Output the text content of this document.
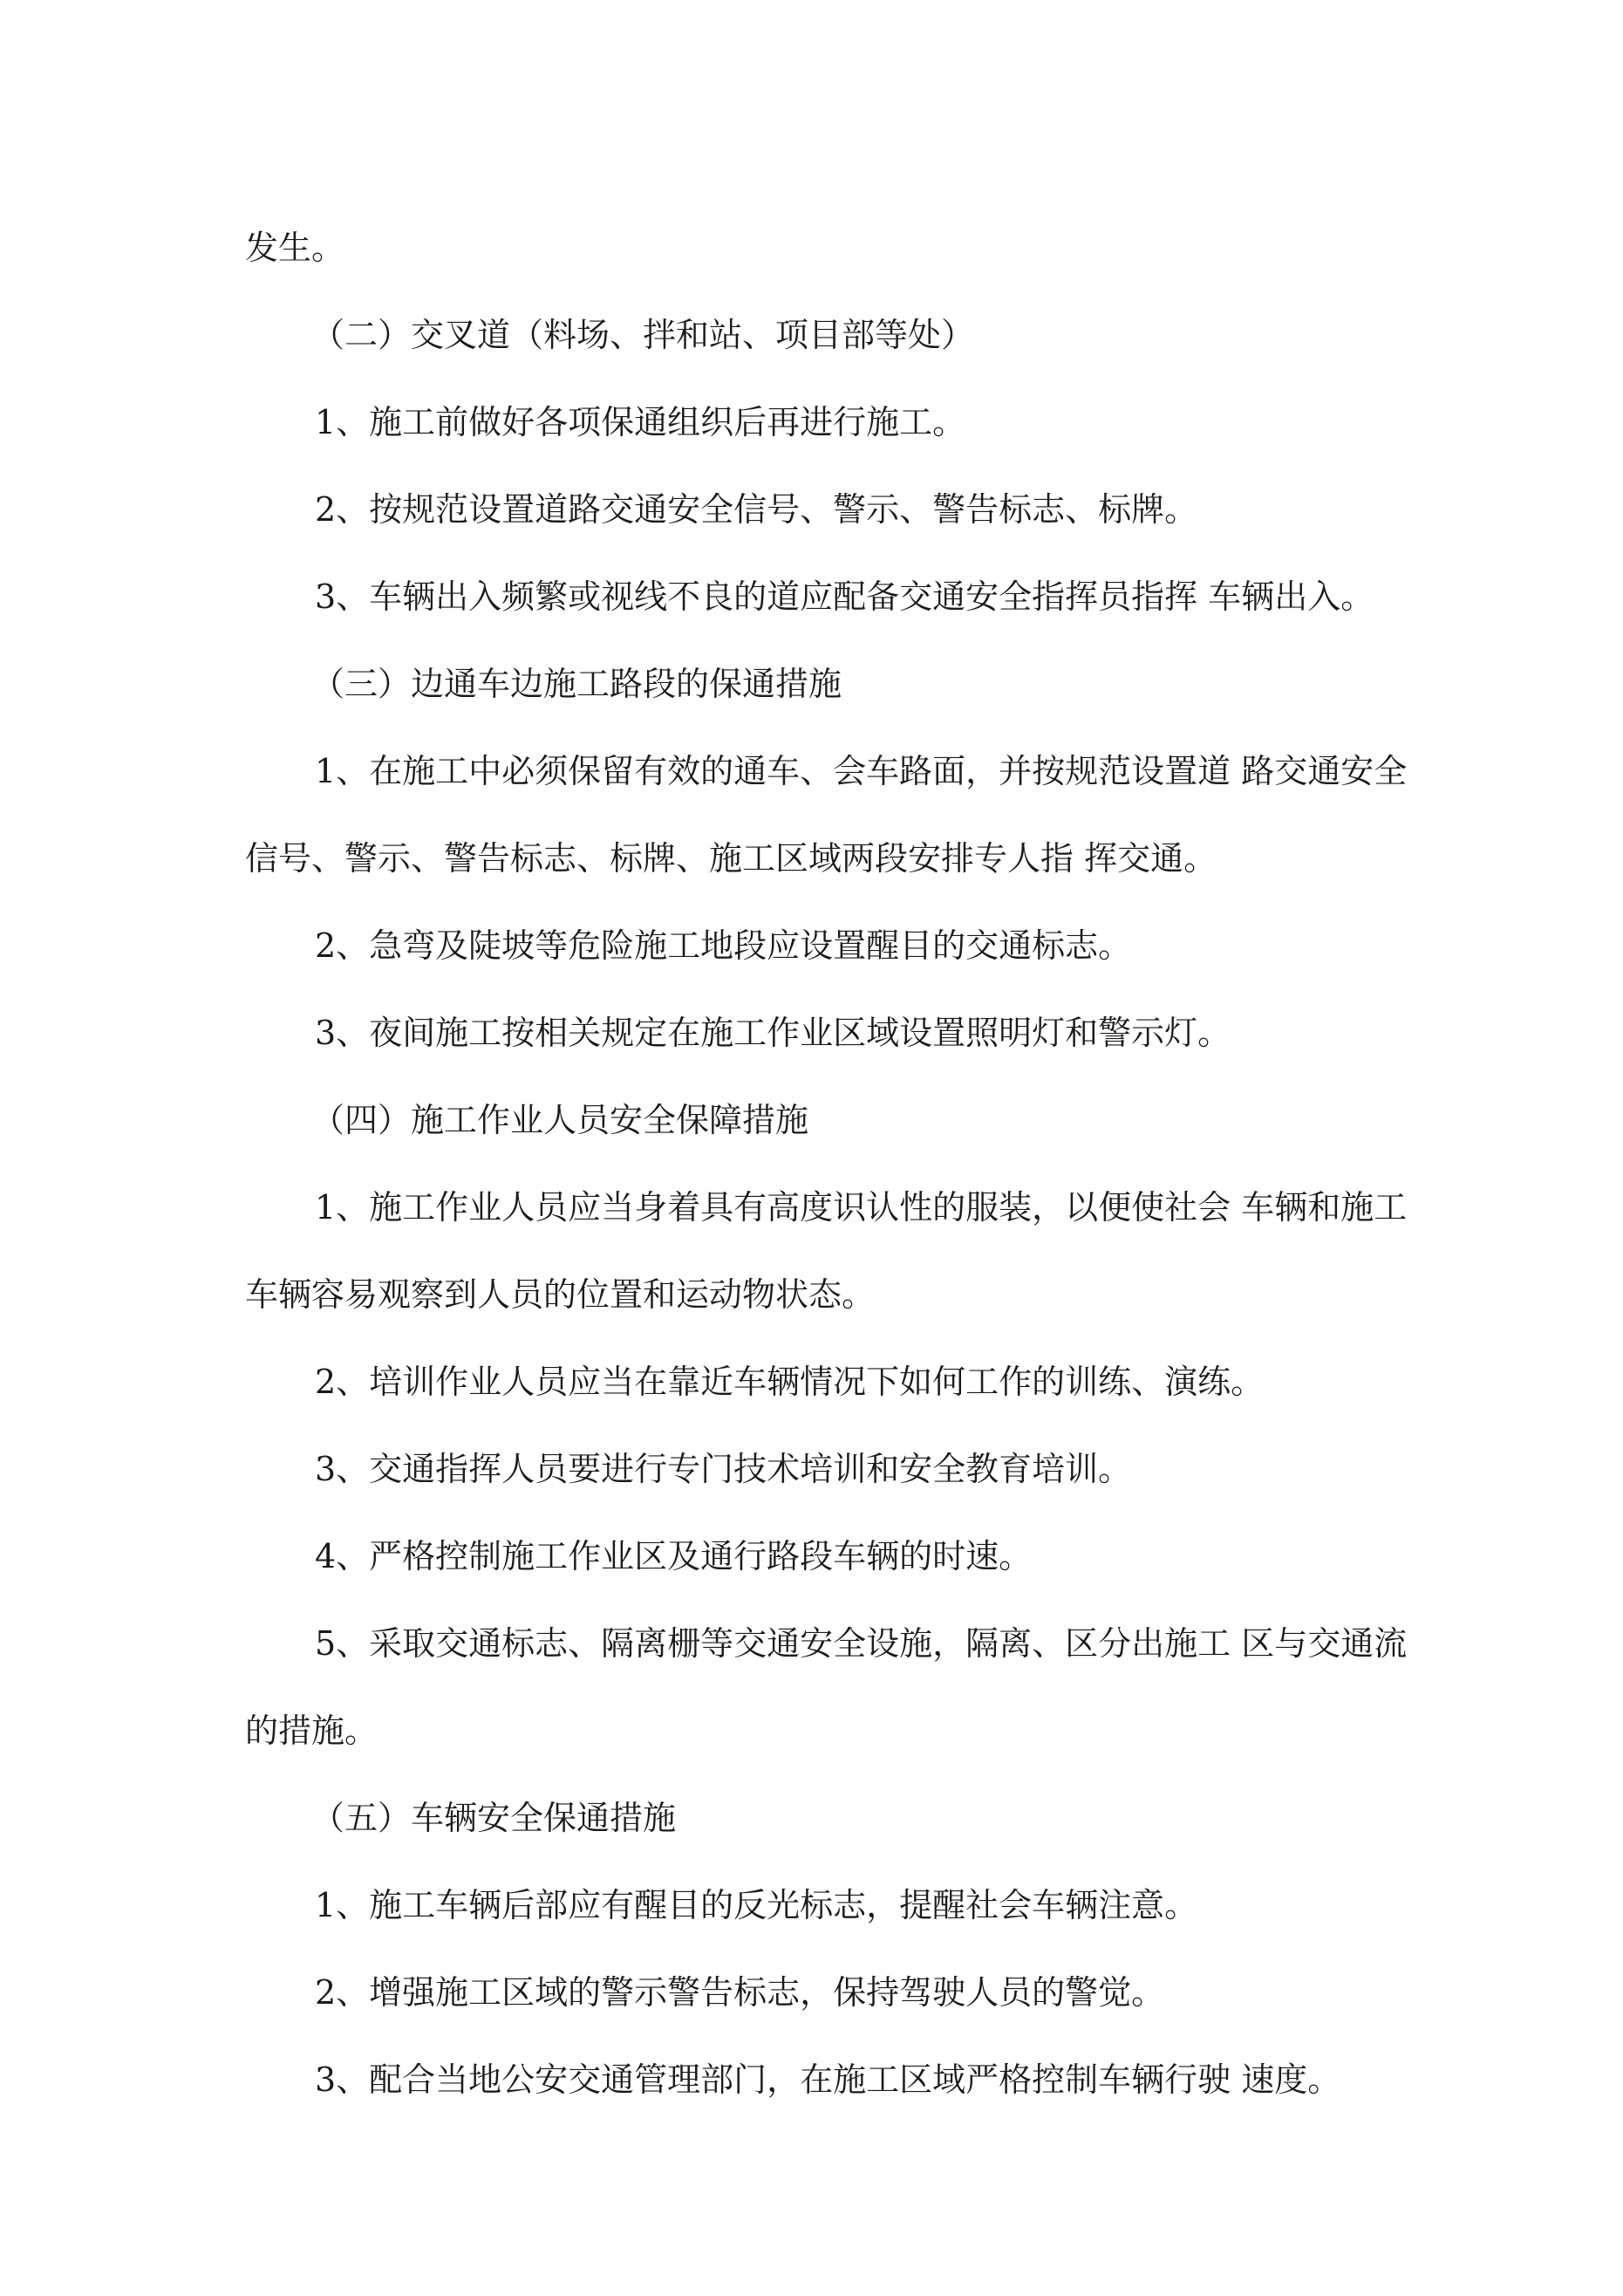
发生。

（二）交叉道（料场、拌和站、项目部等处）

1、施工前做好各项保通组织后再进行施工。

2、按规范设置道路交通安全信号、警示、警告标志、标牌。

3、车辆出入频繁或视线不良的道应配备交通安全指挥员指挥 车辆出入。

（三）边通车边施工路段的保通措施

1、在施工中必须保留有效的通车、会车路面，并按规范设置道 路交通安全信号、警示、警告标志、标牌、施工区域两段安排专人指 挥交通。

2、急弯及陡坡等危险施工地段应设置醒目的交通标志。

3、夜间施工按相关规定在施工作业区域设置照明灯和警示灯。

（四）施工作业人员安全保障措施

1、施工作业人员应当身着具有高度识认性的服装，以便使社会 车辆和施工车辆容易观察到人员的位置和运动物状态。

2、培训作业人员应当在靠近车辆情况下如何工作的训练、演练。

3、交通指挥人员要进行专门技术培训和安全教育培训。

4、严格控制施工作业区及通行路段车辆的时速。

5、采取交通标志、隔离栅等交通安全设施，隔离、区分出施工 区与交通流的措施。

（五）车辆安全保通措施

1、施工车辆后部应有醒目的反光标志，提醒社会车辆注意。

2、增强施工区域的警示警告标志，保持驾驶人员的警觉。

3、配合当地公安交通管理部门，在施工区域严格控制车辆行驶 速度。
